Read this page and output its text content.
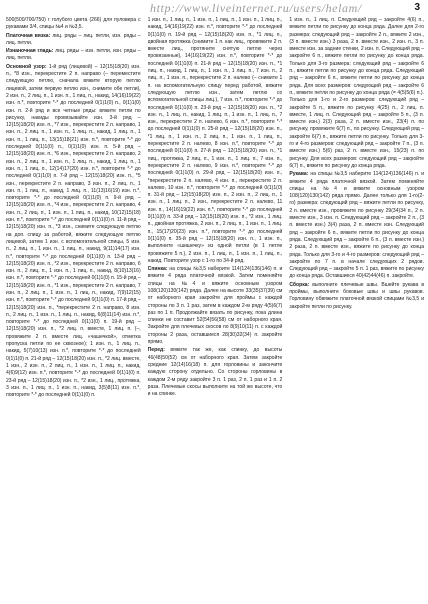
http://www.liveinternet.ru/users/helam/	3

500(500/700/750) г голубого цвета (266) для пуловера с рукавами 3/4, спицы №4 и №3,5.

Платочная вязка: лиц. ряды – лиц. петли, изн. ряды – лиц. петли.

Изнаночная гладь: лиц. ряды – изн. петли, изн. ряды – лиц. петли.

Основной узор: 1-й ряд (лицевой) – 12(15)18(20) изн. п., *8 изн., перекрестите 2 п. направо (– переместите следующую петлю, сначала вяжите вторую петлю лицевой, затем первую петлю изн., снимите обе петли), 2 изн. п., 2 лиц. п., 1 изн. п., 1 лиц. п., накид, 14(16)19(22) изн. п.*, повторите *-* до последней 0(1)1(0) п., 0(1)1(0) изн. п. 2-й ряд и все четные ряды: вяжите петли по рисунку, накиды провязывайте изн. 3-й ряд – 12(15)18(20) изн. п., *7 изн., перекрестите 2 п. направо, 1 изн. п., 2 лиц. п., 1 изн. п., 1 лиц. п., накид, 1 лиц. п., 1 изн. п., 1 лиц. п., 13(15)18(21) изн. п.*, повторите *-* до последней 0(1)1(0) п., 0(1)1(0) изн. п. 5-й ряд – 12(15)18(20) изн. п., *6 изн., перекрестите 2 п. направо, 2 изн. п., 2 лиц. п., 1 изн. п., 1 лиц. п., накид, 1 лиц. п., 1 изн. п., 1 лиц. п., 12(14)17(20) изн. п.*, повторите *-* до последней 0(1)1(0) п. 7-й ряд – 12(15)18(20) изн. п., *5 изн., перекрестите 2 п. направо, 3 изн. п., 2 лиц. п., 1 изн. п., 1 лиц. п., накид, 1 лиц. п., 11(13)16(19) изн. п.*, повторите *-* до последней 0(1)1(0) п. 9-й ряд – 12(15)18(20) изн. п., *4 изн., перекрестите 2 п. направо, 4 изн. п., 2 лиц. п., 1 изн. п., 1 лиц. п., накид, 10(12)15(18) изн. п.*, повторите *-* до последней 0(1)1(0) п. 11-й ряд – 12(15)18(20) изн. п., *3 изн., снимите следующую петлю на доп. спицу за работой, вяжите следующую петлю лицевой, затем 1 изн. с вспомогательной спицы, 5 изн. п., 2 лиц. п., 1 изн. п., 1 лиц. п., накид, 9(11)14(17) изн. п.*, повторите *-* до последней 0(1)1(0) п. 13-й ряд – 12(15)18(20) изн. п., *2 изн., перекрестите 2 п. направо, 6 изн. п., 2 лиц. п., 1 изн. п., 1 лиц. п., накид, 8(10)13(16) изн. п.*, повторите *-* до последней 0(1)1(0) п. 15-й ряд – 12(15)18(20) изн. п., *1 изн., перекрестите 2 п. направо, 7 изн. п., 2 лиц. п., 1 изн. п., 1 лиц. п., накид, 7(9)12(15) изн. п.*, повторите *-* до последней 0(1)1(0) п. 17-й ряд – 12(15)18(20) изн. п., *перекрестите 2 п. направо, 8 изн. п., 2 лиц. п., 1 изн. п., 1 лиц. п., накид, 6(8)11(14) изн. п.*, повторите *-* до последней 0(1)1(0) п. 19-й ряд – 12(15)18(20) изн. п., *2 лиц. п. вместе, 1 лиц. п. (–, провяжите 2 п. вместе лиц. «чашечкой», отметка пропуска петли по ее сквозное); 1 изн. п., 1 лиц. п., накид, 5(7)10(13) изн. п.*, повторите *-* до последней 0(1)1(0) п. 21-й ряд – 12(15)18(20) изн. п., *2 лиц. вместе, 1 изн., 2 изн. п., 2 лиц. п., 1 изн. п., 1 лиц. п., накид, 4(6)9(12) изн. п.*, повторите *-* до последней 0(1)1(0) п. 23-й ряд – 12(15)18(20) изн. п., *2 изн., 1 лиц., протяжка, 3 изн. п., 1 лиц. п., 1 изн. п., накид, 3(5)8(11) изн. п.*, повторите *-* до последней 0(1)1(0) п.

1 изн. п., 1 лиц. п., 1 изн. п., 1 лиц. п., 1 изн. п., 1 лиц. п., накид, 14(16)19(22) изн. п.*, повторите *-* до последней 0(1)1(0) п. 19-й ряд – 12(15)18(20) изн. п., *1 лиц. п., двойная протяжка (снимите 1 п. как лиц., провяжите 2 п. вместе лиц., протяните снятую петлю через провязанные), 14(16)19(22) изн. п.*, повторите *-* до последней 0(1)1(0) п. 21-й ряд – 12(15)18(20) изн. п., *1 лиц. п., накид, 1 лиц. п., 1 изн. п., 1 лиц. п., 7 изн. п., 2 лиц. п., 1 изн. п., перекрестите 2 п. налево (– снимите 1 п. на вспомогательную спицу перед работой, вяжите следующую петлю изн., затем петлю со вспомогательной спицы лиц.), 7 изн. п.*, повторите *-* до последней 0(1)1(0) п. 23-й ряд – 12(15)18(20) изн. п., *2 изн. п., 1 лиц. п., накид, 1 лиц. п., 1 изн. п., 1 лиц. п., 7 изн., перекрестите 2 п. налево, 6 изн. п.*, повторите *-* до последней 0(1)1(0) п. 25-й ряд – 12(15)18(20) изн. п., *1 лиц. п., 1 изн. п., 2 лиц. п., 1 изн. п., 1 лиц. п., перекрестите 2 п. налево, 8 изн. п.*, повторите *-* до последней 0(1)1(0) п. 27-й ряд – 12(15)18(20) изн. п., *1 лиц., протяжка, 2 лиц. п., 1 изн. п., 1 лиц. п., 7 изн. п., перекрестите 2 п. налево, 9 изн. п.*, повторите *-* до последней 0(1)1(0) п. 29-й ряд – 12(15)18(20) изн. п., *перекрестите 2 п. налево, 4 изн. п., перекрестите 2 п. налево, 10 изн. п.*, повторите *-* до последней 0(1)1(0) п. 31-й ряд – 12(15)18(20) изн. п., 2 изн. п., 2 лиц. п., 1 изн. п., 1 лиц. п., 2 изн., перекрестите 2 п. налево, 11 изн. п., 14(16)19(22) изн. п.*, повторите *-* до последней 0(1)1(0) п. 33-й ряд – 12(15)18(20) изн. п., *2 изн., 1 лиц. п., двойная протяжка, 2 изн. п., 2 лиц. п., 1 изн. п., 1 лиц. п., 15(17)20(23) изн. п.*, повторите *-* до последней 0(1)1(0) п. 35-й ряд – 12(15)18(20) изн. п., 1 изн. п., выполните «шишечку» из одной петли (в 1 петле провяжите 5 п.), 2 изн. п., 1 лиц. п., 1 изн. п., 1 лиц. п., накид. Повторите узор с 1-го по 34-й ряд.

Спинка: на спицы №3,5 наберите 114(124)136(146) п. и вяжите 4 ряда платочной вязкой. Затем поменяйте спицы на №4 и вяжите основным узором 108(120)130(142) ряда. Далее на высоте 33(35)37(39) см от наборного края закройте для проймы с каждой стороны по 3 п. 1 раз, затем в каждом 2-м ряду 4(5)6(7) раз по 1 п. Продолжайте вязать по рисунку, пока длина спинки не составит 52(54)56(58) см от наборного края. Закройте для плечевых скосов по 8(9)10(11) п. с каждой стороны 2 раза, оставшиеся 28(30)32(34) п. закройте прямо.

Перед: вяжите так же, как спинку, до высоты 46(48)50(52) см от наборного края. Затем закройте средние 12(14)16(18) п. для горловины и закончите каждую сторону отдельно. Со стороны горловины в каждом 2-м ряду закройте 3 п. 1 раз, 2 п. 1 раз и 1 п. 2 раза. Плечевые скосы выполните на той же высоте, что и на спинке.

1 изн. п., 1 лиц. п. Следующий ряд – закройте 4(6) п., вяжите петли по рисунку до конца ряда. Далее для 2-го размера: следующий ряд – закройте 2 п., вяжите 2 изн., (3 п. вместе изн.) 3 раза, 2 п. вместе изн., 2 изн. п., 3 п. вместе изн. за задние стенки, 2 изн. п. Следующий ряд – закройте 6 п., вяжите петли по рисунку до конца ряда. Только для 3-го размера: следующий ряд – закройте 6 п., вяжите петли по рисунку до конца ряда. Следующий ряд – закройте 6 п., вяжите петли по рисунку до конца ряда. Для всех размеров: следующий ряд – закройте 6 п., вяжите петли по рисунку до конца ряда (= 4(5)5(6) п.). Только для 1-го и 2-го размеров: следующий ряд – закройте 5 п., вяжите по рисунку 4(25) п., 2 лиц. п. вместе, 1 лиц. п. Следующий ряд – закройте 5 п., (3 п. вместе изн.) 2(3) раза, 2 п. вместе изн., 23(4) п. по рисунку, провяжите 6(7) п., по рисунку. Следующий ряд – закройте 6(7) п., вяжите петли по рисунку. Только для 3-го и 4-го размеров: следующий ряд – закройте 7 п., (3 п. вместе изн.) 5(6) раз, 2 п. вместе изн., 15(23) п. по рисунку. Для всех размеров: следующий ряд – закройте 6(7) п., вяжите по рисунку до конца ряда.

Рукава: на спицы №3,5 наберите 114(124)136(146) п. и вяжите 4 ряда платочной вязкой. Затем поменяйте спицы на №4 и вяжите основным узором 108(120)130(142) ряда прямо. Далее только для 1-го(2-го) размера: следующий ряд – вяжите петли по рисунку, 2 п. вместе изн., провяжите по рисунку 29(34)34 п., 2 п. вместе изн., 3 изн. п. Следующий ряд – закройте 2 п., (3 п. вместе изн.) 3(4) раза, 2 п. вместе изн. Следующий ряд – закройте 6 п., вяжите петли по рисунку до конца ряда. Следующий ряд – закройте 6 п., (3 п. вместе изн.) 2 раза, 2 п. вместе изн., вяжите по рисунку до конца ряда. Только для 3-го и 4-го размеров: следующий ряд – закройте по 7 п. в начале следующих 2 рядов. Следующий ряд – закройте 5 п. 1 раз, вяжите по рисунку до конца ряда. Оставшиеся 40(42)44(46) п. закройте.

Сборка: выполните плечевые швы. Вшейте рукава в проймы, выполните боковые швы и швы рукавов. Горловину обвяжите платочной вязкой спицами №3,5 и закройте петли по рисунку.
